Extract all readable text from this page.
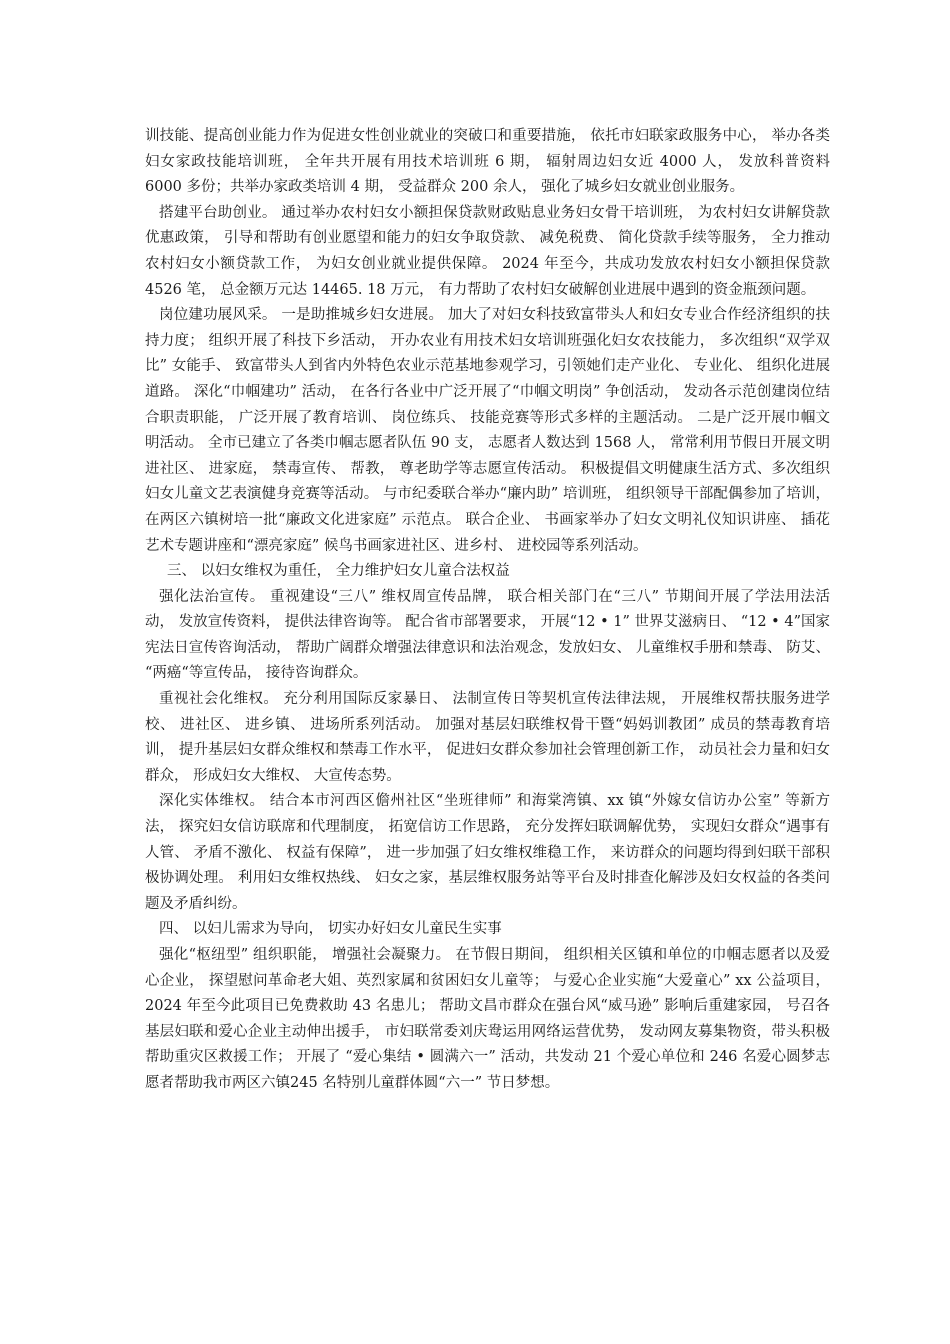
训技能、提高创业能力作为促进女性创业就业的突破口和重要措施， 依托市妇联家政服务中心， 举办各类妇女家政技能培训班， 全年共开展有用技术培训班 6 期， 辐射周边妇女近 4000 人， 发放科普资料 6000 多份；共举办家政类培训 4 期， 受益群众 200 余人， 强化了城乡妇女就业创业服务。

搭建平台助创业。 通过举办农村妇女小额担保贷款财政贴息业务妇女骨干培训班， 为农村妇女讲解贷款优惠政策， 引导和帮助有创业愿望和能力的妇女争取贷款、 减免税费、 简化贷款手续等服务， 全力推动农村妇女小额贷款工作， 为妇女创业就业提供保障。 2024 年至今，共成功发放农村妇女小额担保贷款 4526 笔， 总金额万元达 14465. 18 万元， 有力帮助了农村妇女破解创业进展中遇到的资金瓶颈问题。

岗位建功展风采。 一是助推城乡妇女进展。 加大了对妇女科技致富带头人和妇女专业合作经济组织的扶持力度； 组织开展了科技下乡活动， 开办农业有用技术妇女培训班强化妇女农技能力， 多次组织“双学双比” 女能手、 致富带头人到省内外特色农业示范基地参观学习，引领她们走产业化、 专业化、 组织化进展道路。 深化“巾帼建功” 活动， 在各行各业中广泛开展了“巾帼文明岗” 争创活动， 发动各示范创建岗位结合职责职能， 广泛开展了教育培训、 岗位练兵、 技能竞赛等形式多样的主题活动。 二是广泛开展巾帼文明活动。 全市已建立了各类巾帼志愿者队伍 90 支， 志愿者人数达到 1568 人， 常常利用节假日开展文明进社区、 进家庭， 禁毒宣传、 帮教， 尊老助学等志愿宣传活动。 积极提倡文明健康生活方式、多次组织妇女儿童文艺表演健身竞赛等活动。 与市纪委联合举办“廉内助” 培训班， 组织领导干部配偶参加了培训， 在两区六镇树培一批“廉政文化进家庭” 示范点。 联合企业、 书画家举办了妇女文明礼仪知识讲座、 插花艺术专题讲座和“漂亮家庭” 候鸟书画家进社区、进乡村、 进校园等系列活动。

三、 以妇女维权为重任， 全力维护妇女儿童合法权益

强化法治宣传。 重视建设“三八” 维权周宣传品牌， 联合相关部门在“三八” 节期间开展了学法用法活动， 发放宣传资料， 提供法律咨询等。 配合省市部署要求， 开展“12 • 1” 世界艾滋病日、 “12 • 4”国家宪法日宣传咨询活动， 帮助广阔群众增强法律意识和法治观念，发放妇女、 儿童维权手册和禁毒、 防艾、 “两癌“等宣传品， 接待咨询群众。

重视社会化维权。 充分利用国际反家暴日、 法制宣传日等契机宣传法律法规， 开展维权帮扶服务进学校、 进社区、 进乡镇、 进场所系列活动。 加强对基层妇联维权骨干暨“妈妈训教团” 成员的禁毒教育培训， 提升基层妇女群众维权和禁毒工作水平， 促进妇女群众参加社会管理创新工作， 动员社会力量和妇女群众， 形成妇女大维权、 大宣传态势。

深化实体维权。 结合本市河西区儋州社区“坐班律师” 和海棠湾镇、xx 镇“外嫁女信访办公室” 等新方法， 探究妇女信访联席和代理制度， 拓宽信访工作思路， 充分发挥妇联调解优势， 实现妇女群众“遇事有人管、 矛盾不激化、 权益有保障”， 进一步加强了妇女维权维稳工作， 来访群众的问题均得到妇联干部积极协调处理。 利用妇女维权热线、 妇女之家，基层维权服务站等平台及时排查化解涉及妇女权益的各类问题及矛盾纠纷。

四、 以妇儿需求为导向， 切实办好妇女儿童民生实事

强化“枢纽型” 组织职能， 增强社会凝聚力。 在节假日期间， 组织相关区镇和单位的巾帼志愿者以及爱心企业， 探望慰问革命老大姐、英烈家属和贫困妇女儿童等； 与爱心企业实施“大爱童心” xx 公益项目， 2024 年至今此项目已免费救助 43 名患儿； 帮助文昌市群众在强台风“威马逊” 影响后重建家园， 号召各基层妇联和爱心企业主动伸出援手， 市妇联常委刘庆鸯运用网络运营优势， 发动网友募集物资，带头积极帮助重灾区救援工作； 开展了 “爱心集结 • 圆满六一” 活动，共发动 21 个爱心单位和 246 名爱心圆梦志愿者帮助我市两区六镇245 名特别儿童群体圆“六一” 节日梦想。
